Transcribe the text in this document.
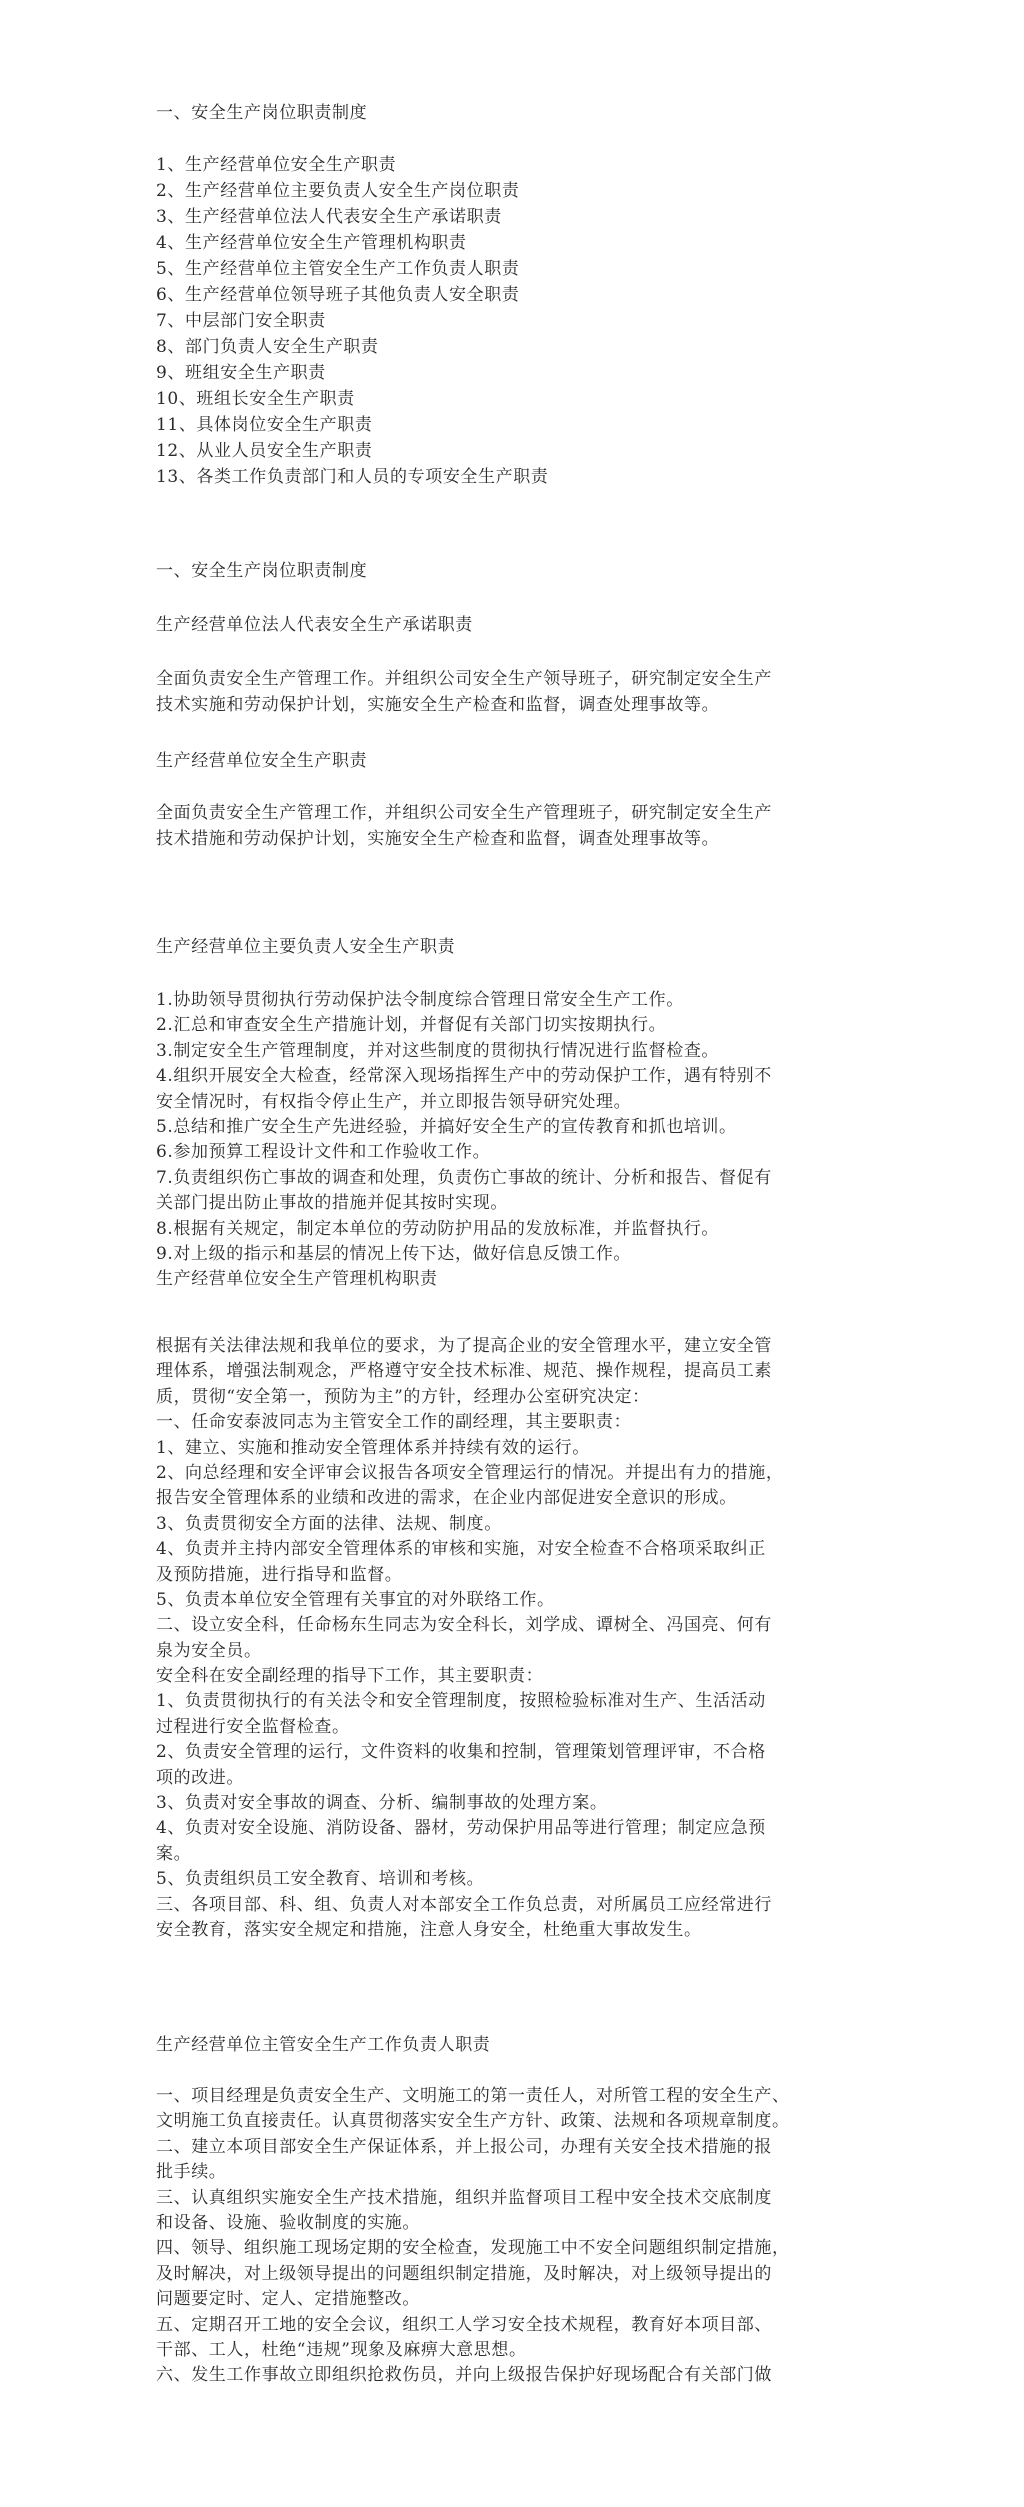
一、安全生产岗位职责制度
1、生产经营单位安全生产职责
2、生产经营单位主要负责人安全生产岗位职责
3、生产经营单位法人代表安全生产承诺职责
4、生产经营单位安全生产管理机构职责
5、生产经营单位主管安全生产工作负责人职责
6、生产经营单位领导班子其他负责人安全职责
7、中层部门安全职责
8、部门负责人安全生产职责
9、班组安全生产职责
10、班组长安全生产职责
11、具体岗位安全生产职责
12、从业人员安全生产职责
13、各类工作负责部门和人员的专项安全生产职责
一、安全生产岗位职责制度
生产经营单位法人代表安全生产承诺职责
全面负责安全生产管理工作。并组织公司安全生产领导班子，研究制定安全生产
技术实施和劳动保护计划，实施安全生产检查和监督，调查处理事故等。
生产经营单位安全生产职责
全面负责安全生产管理工作，并组织公司安全生产管理班子，研究制定安全生产
技术措施和劳动保护计划，实施安全生产检查和监督，调查处理事故等。
生产经营单位主要负责人安全生产职责
1.协助领导贯彻执行劳动保护法令制度综合管理日常安全生产工作。
2.汇总和审查安全生产措施计划，并督促有关部门切实按期执行。
3.制定安全生产管理制度，并对这些制度的贯彻执行情况进行监督检查。
4.组织开展安全大检查，经常深入现场指挥生产中的劳动保护工作，遇有特别不
安全情况时，有权指令停止生产，并立即报告领导研究处理。
5.总结和推广安全生产先进经验，并搞好安全生产的宣传教育和抓也培训。
6.参加预算工程设计文件和工作验收工作。
7.负责组织伤亡事故的调查和处理，负责伤亡事故的统计、分析和报告、督促有
关部门提出防止事故的措施并促其按时实现。
8.根据有关规定，制定本单位的劳动防护用品的发放标准，并监督执行。
9.对上级的指示和基层的情况上传下达，做好信息反馈工作。
生产经营单位安全生产管理机构职责
根据有关法律法规和我单位的要求，为了提高企业的安全管理水平，建立安全管
理体系，增强法制观念，严格遵守安全技术标准、规范、操作规程，提高员工素
质，贯彻“安全第一，预防为主”的方针，经理办公室研究决定：
一、任命安泰波同志为主管安全工作的副经理，其主要职责：
1、建立、实施和推动安全管理体系并持续有效的运行。
2、向总经理和安全评审会议报告各项安全管理运行的情况。并提出有力的措施，
报告安全管理体系的业绩和改进的需求，在企业内部促进安全意识的形成。
3、负责贯彻安全方面的法律、法规、制度。
4、负责并主持内部安全管理体系的审核和实施，对安全检查不合格项采取纠正
及预防措施，进行指导和监督。
5、负责本单位安全管理有关事宜的对外联络工作。
二、设立安全科，任命杨东生同志为安全科长，刘学成、谭树全、冯国亮、何有
泉为安全员。
安全科在安全副经理的指导下工作，其主要职责：
1、负责贯彻执行的有关法令和安全管理制度，按照检验标准对生产、生活活动
过程进行安全监督检查。
2、负责安全管理的运行，文件资料的收集和控制，管理策划管理评审，不合格
项的改进。
3、负责对安全事故的调查、分析、编制事故的处理方案。
4、负责对安全设施、消防设备、器材，劳动保护用品等进行管理；制定应急预
案。
5、负责组织员工安全教育、培训和考核。
三、各项目部、科、组、负责人对本部安全工作负总责，对所属员工应经常进行
安全教育，落实安全规定和措施，注意人身安全，杜绝重大事故发生。
生产经营单位主管安全生产工作负责人职责
一、项目经理是负责安全生产、文明施工的第一责任人，对所管工程的安全生产、
文明施工负直接责任。认真贯彻落实安全生产方针、政策、法规和各项规章制度。
二、建立本项目部安全生产保证体系，并上报公司，办理有关安全技术措施的报
批手续。
三、认真组织实施安全生产技术措施，组织并监督项目工程中安全技术交底制度
和设备、设施、验收制度的实施。
四、领导、组织施工现场定期的安全检查，发现施工中不安全问题组织制定措施，
及时解决，对上级领导提出的问题组织制定措施，及时解决，对上级领导提出的
问题要定时、定人、定措施整改。
五、定期召开工地的安全会议，组织工人学习安全技术规程，教育好本项目部、
干部、工人，杜绝“违规”现象及麻痹大意思想。
六、发生工作事故立即组织抢救伤员，并向上级报告保护好现场配合有关部门做
